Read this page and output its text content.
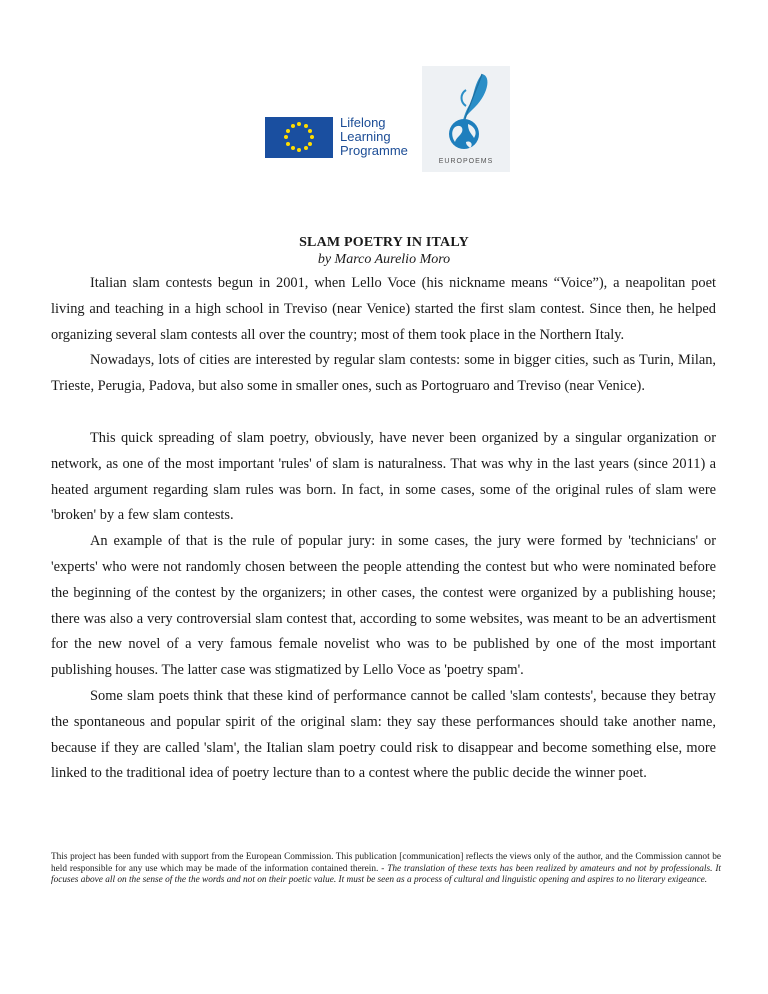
Lifelong
Learning
Programme
EUROPOEMS
SLAM POETRY IN ITALY
by Marco Aurelio Moro

Italian slam contests begun in 2001, when Lello Voce (his nickname means “Voice”), a neapolitan poet living and teaching in a high school in Treviso (near Venice) started the first slam contest. Since then, he helped organizing several slam contests all over the country; most of them took place in the Northern Italy.

Nowadays, lots of cities are interested by regular slam contests: some in bigger cities, such as Turin, Milan, Trieste, Perugia, Padova, but also some in smaller ones, such as Portogruaro and Treviso (near Venice).

This quick spreading of slam poetry, obviously, have never been organized by a singular organization or network, as one of the most important 'rules' of slam is naturalness. That was why in the last years (since 2011) a heated argument regarding slam rules was born. In fact, in some cases, some of the original rules of slam were 'broken' by a few slam contests.

An example of that is the rule of popular jury: in some cases, the jury were formed by 'technicians' or 'experts' who were not randomly chosen between the people attending the contest but who were nominated before the beginning of the contest by the organizers; in other cases, the contest were organized by a publishing house; there was also a very controversial slam contest that, according to some websites, was meant to be an advertisment for the new novel of a very famous female novelist who was to be published by one of the most important publishing houses. The latter case was stigmatized by Lello Voce as 'poetry spam'.

Some slam poets think that these kind of performance cannot be called 'slam contests', because they betray the spontaneous and popular spirit of the original slam: they say these performances should take another name, because if they are called 'slam', the Italian slam poetry could risk to disappear and become something else, more linked to the traditional idea of poetry lecture than to a contest where the public decide the winner poet.

This project has been funded with support from the European Commission. This publication [communication] reflects the views only of the author, and the Commission cannot be held responsible for any use which may be made of the information contained therein. - The translation of these texts has been realized by amateurs and not by professionals. It focuses above all on the sense of the the words and not on their poetic value. It must be seen as a process of cultural and linguistic opening and aspires to no literary exigeance.
